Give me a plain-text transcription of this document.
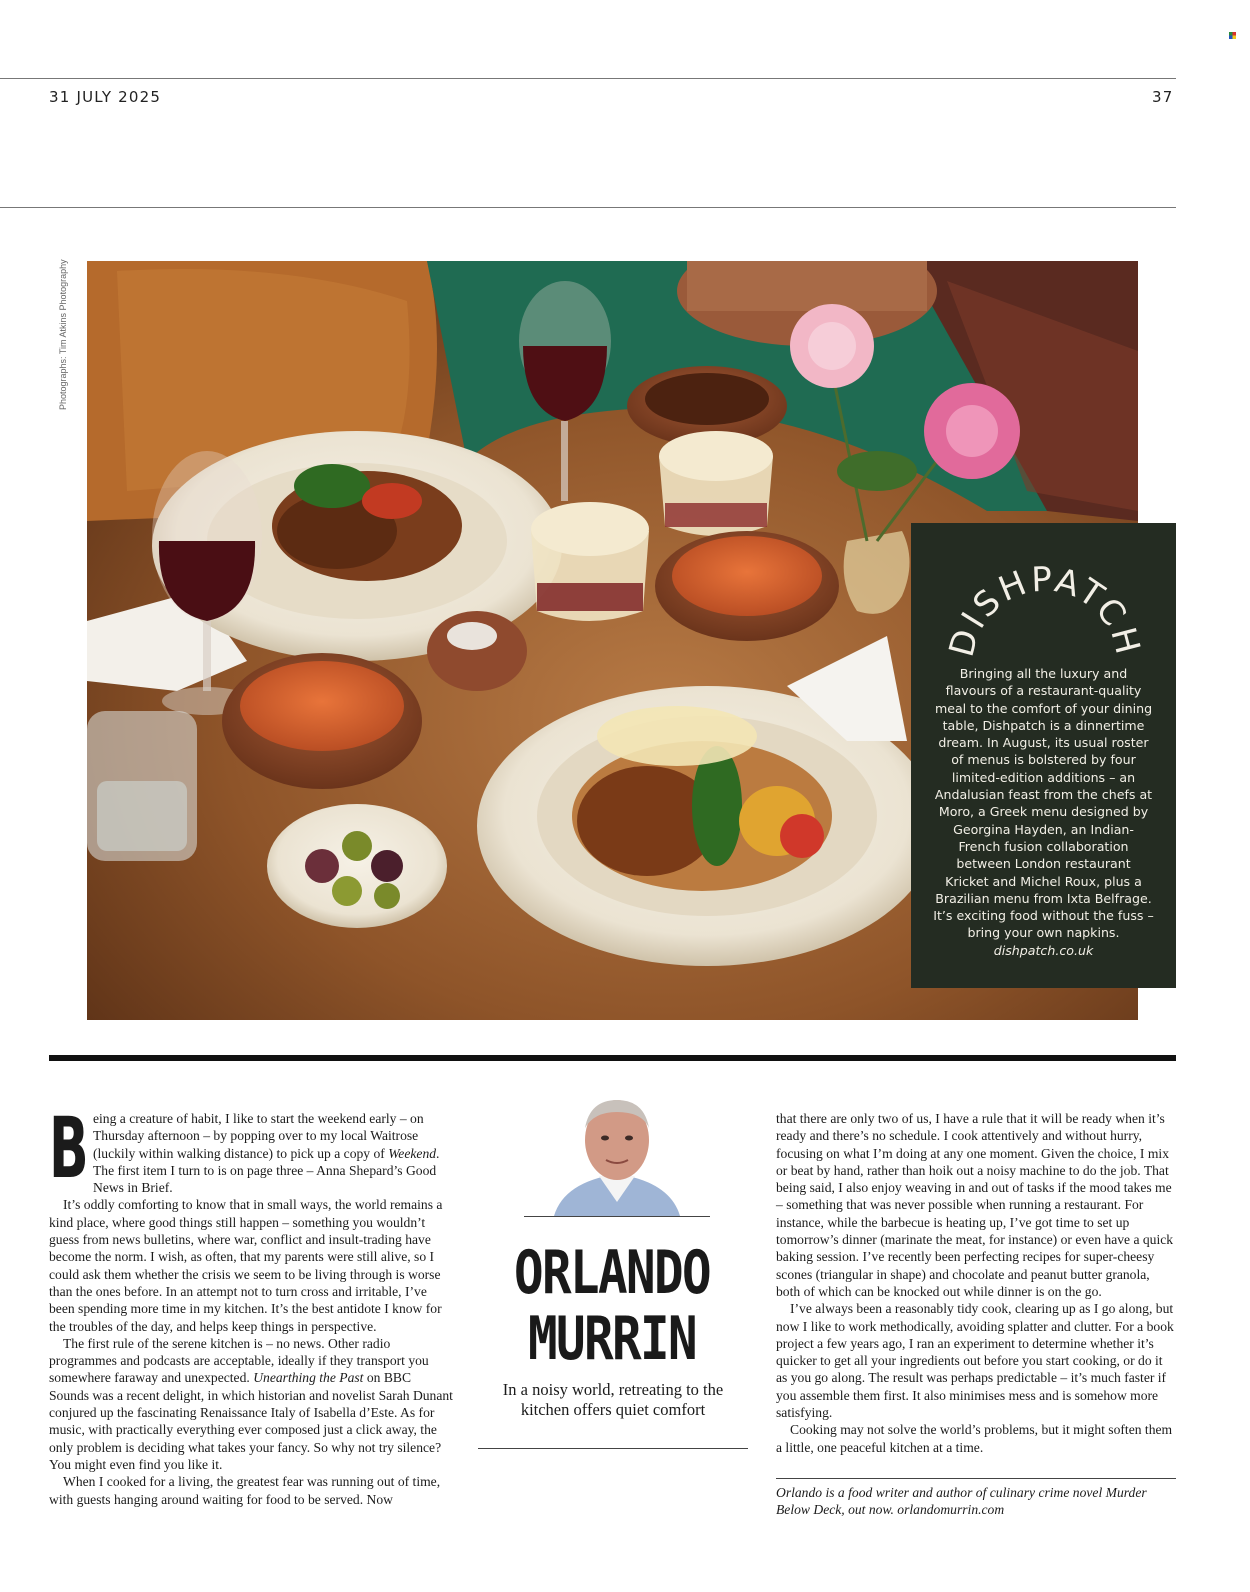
31 JULY 2025	37
Photographs: Tim Atkins Photography
DISHPATCH

Bringing all the luxury and flavours of a restaurant-quality meal to the comfort of your dining table, Dishpatch is a dinnertime dream. In August, its usual roster of menus is bolstered by four limited-edition additions – an Andalusian feast from the chefs at Moro, a Greek menu designed by Georgina Hayden, an Indian-French fusion collaboration between London restaurant Kricket and Michel Roux, plus a Brazilian menu from Ixta Belfrage. It’s exciting food without the fuss – bring your own napkins.
dishpatch.co.uk

Being a creature of habit, I like to start the weekend early – on Thursday afternoon – by popping over to my local Waitrose (luckily within walking distance) to pick up a copy of Weekend. The first item I turn to is on page three – Anna Shepard’s Good News in Brief.

It’s oddly comforting to know that in small ways, the world remains a kind place, where good things still happen – something you wouldn’t guess from news bulletins, where war, conflict and insult-trading have become the norm. I wish, as often, that my parents were still alive, so I could ask them whether the crisis we seem to be living through is worse than the ones before. In an attempt not to turn cross and irritable, I’ve been spending more time in my kitchen. It’s the best antidote I know for the troubles of the day, and helps keep things in perspective.

The first rule of the serene kitchen is – no news. Other radio programmes and podcasts are acceptable, ideally if they transport you somewhere faraway and unexpected. Unearthing the Past on BBC Sounds was a recent delight, in which historian and novelist Sarah Dunant conjured up the fascinating Renaissance Italy of Isabella d’Este. As for music, with practically everything ever composed just a click away, the only problem is deciding what takes your fancy. So why not try silence? You might even find you like it.

When I cooked for a living, the greatest fear was running out of time, with guests hanging around waiting for food to be served. Now

ORLANDO
MURRIN

In a noisy world, retreating to the kitchen offers quiet comfort

that there are only two of us, I have a rule that it will be ready when it’s ready and there’s no schedule. I cook attentively and without hurry, focusing on what I’m doing at any one moment. Given the choice, I mix or beat by hand, rather than hoik out a noisy machine to do the job. That being said, I also enjoy weaving in and out of tasks if the mood takes me – something that was never possible when running a restaurant. For instance, while the barbecue is heating up, I’ve got time to set up tomorrow’s dinner (marinate the meat, for instance) or even have a quick baking session. I’ve recently been perfecting recipes for super-cheesy scones (triangular in shape) and chocolate and peanut butter granola, both of which can be knocked out while dinner is on the go.

I’ve always been a reasonably tidy cook, clearing up as I go along, but now I like to work methodically, avoiding splatter and clutter. For a book project a few years ago, I ran an experiment to determine whether it’s quicker to get all your ingredients out before you start cooking, or do it as you go along. The result was perhaps predictable – it’s much faster if you assemble them first. It also minimises mess and is somehow more satisfying.

Cooking may not solve the world’s problems, but it might soften them a little, one peaceful kitchen at a time.

Orlando is a food writer and author of culinary crime novel Murder Below Deck, out now. orlandomurrin.com
